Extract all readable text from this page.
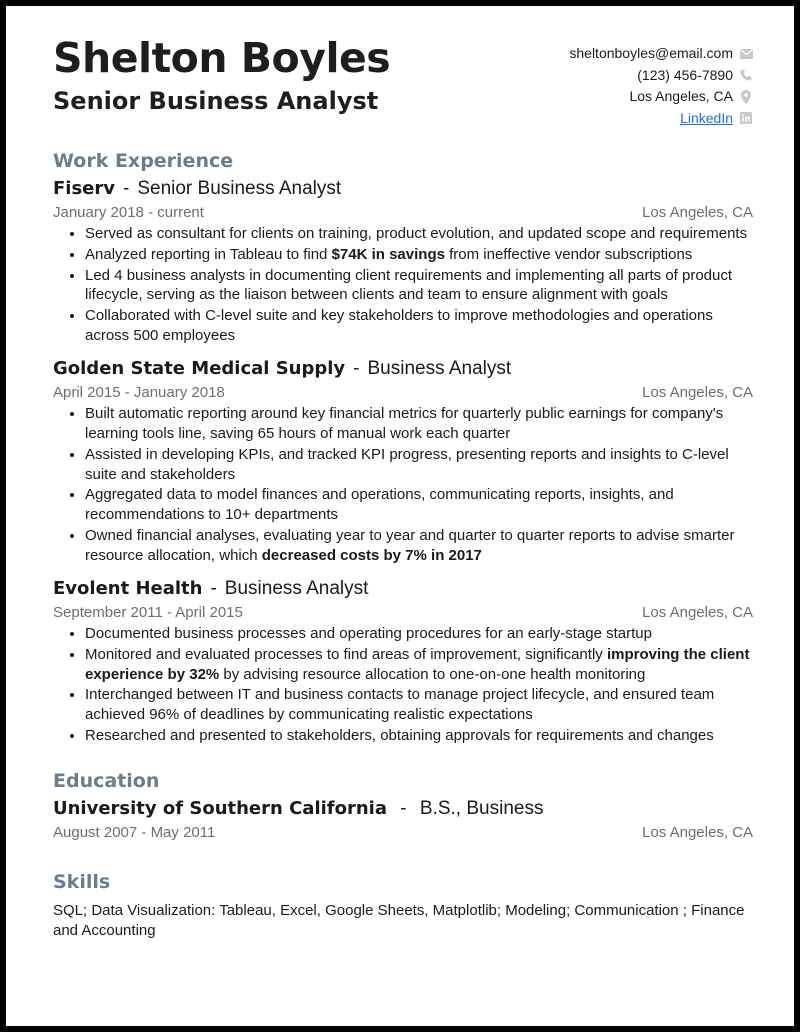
Shelton Boyles
Senior Business Analyst
sheltonboyles@email.com
(123) 456-7890
Los Angeles, CA
LinkedIn
Work Experience
Fiserv - Senior Business Analyst
January 2018 - current	Los Angeles, CA
• Served as consultant for clients on training, product evolution, and updated scope and requirements
• Analyzed reporting in Tableau to find $74K in savings from ineffective vendor subscriptions
• Led 4 business analysts in documenting client requirements and implementing all parts of product lifecycle, serving as the liaison between clients and team to ensure alignment with goals
• Collaborated with C-level suite and key stakeholders to improve methodologies and operations across 500 employees
Golden State Medical Supply - Business Analyst
April 2015 - January 2018	Los Angeles, CA
• Built automatic reporting around key financial metrics for quarterly public earnings for company's learning tools line, saving 65 hours of manual work each quarter
• Assisted in developing KPIs, and tracked KPI progress, presenting reports and insights to C-level suite and stakeholders
• Aggregated data to model finances and operations, communicating reports, insights, and recommendations to 10+ departments
• Owned financial analyses, evaluating year to year and quarter to quarter reports to advise smarter resource allocation, which decreased costs by 7% in 2017
Evolent Health - Business Analyst
September 2011 - April 2015	Los Angeles, CA
• Documented business processes and operating procedures for an early-stage startup
• Monitored and evaluated processes to find areas of improvement, significantly improving the client experience by 32% by advising resource allocation to one-on-one health monitoring
• Interchanged between IT and business contacts to manage project lifecycle, and ensured team achieved 96% of deadlines by communicating realistic expectations
• Researched and presented to stakeholders, obtaining approvals for requirements and changes
Education
University of Southern California - B.S., Business
August 2007 - May 2011	Los Angeles, CA
Skills
SQL; Data Visualization: Tableau, Excel, Google Sheets, Matplotlib; Modeling; Communication ; Finance and Accounting
